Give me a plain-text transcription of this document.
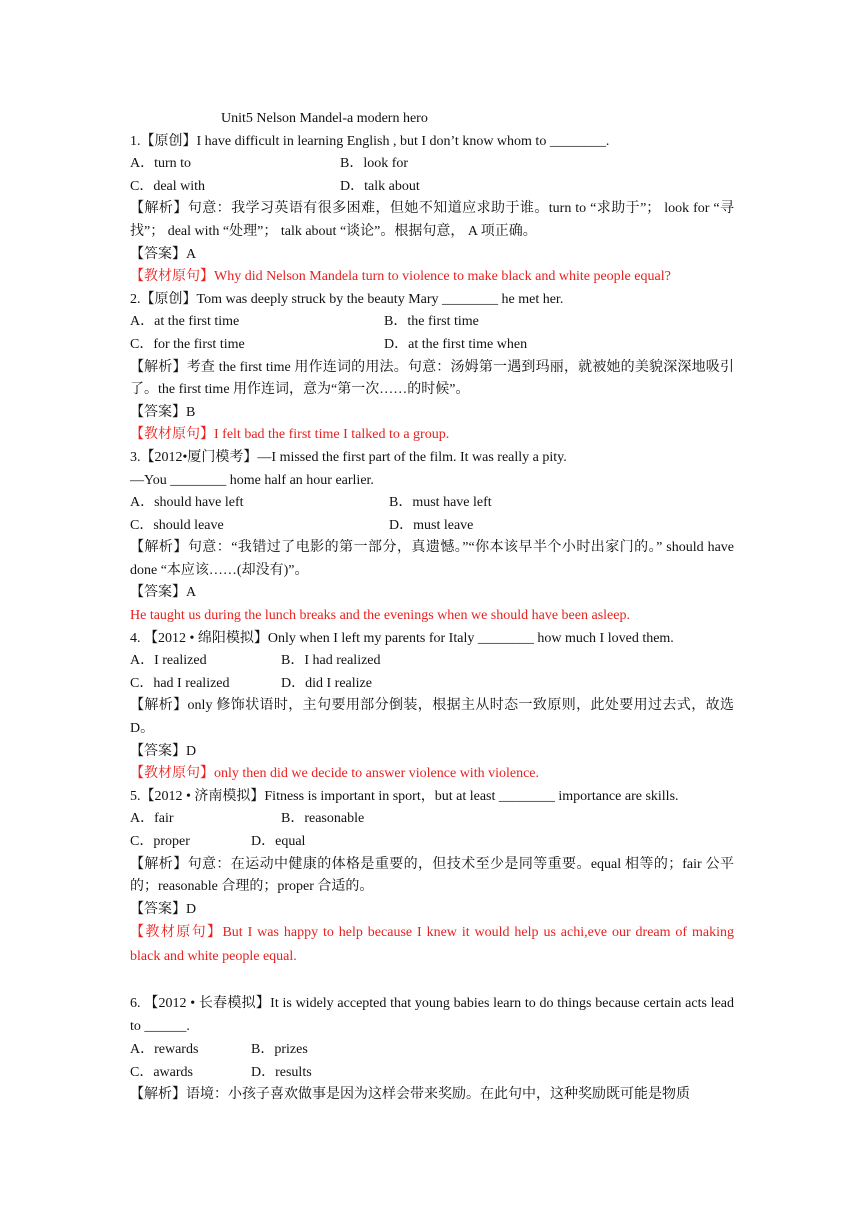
Unit5 Nelson Mandel-a modern hero
1.【原创】I have difficult in learning English , but I don’t know whom to ________.
A．turn to	B．look for
C．deal with	D．talk about
【解析】句意：我学习英语有很多困难，但她不知道应求助于谁。turn to “求助于”； look for “寻找”； deal with “处理”； talk about “谈论”。根据句意， A 项正确。
【答案】A
【教材原句】Why did Nelson Mandela turn to violence to make black and white people equal?
2.【原创】Tom was deeply struck by the beauty Mary ________ he met her.
A．at the first time	B．the first time
C．for the first time	D．at the first time when
【解析】考查 the first time 用作连词的用法。句意：汤姆第一遇到玛丽，就被她的美貌深深地吸引了。the first time 用作连词，意为“第一次……的时候”。
【答案】B
【教材原句】I felt bad the first time I talked to a group.
3.【2012•厦门模考】—I missed the first part of the film. It was really a pity.
—You ________ home half an hour earlier.
A．should have left	B．must have left
C．should leave	D．must leave
【解析】句意：“我错过了电影的第一部分，真遗憾。”“你本该早半个小时出家门的。” should have done “本应该……(却没有)”。
【答案】A
He taught us during the lunch breaks and the evenings when we should have been asleep.
4. 【2012 • 绵阳模拟】Only when I left my parents for Italy ________ how much I loved them.
A．I realized	B．I had realized
C．had I realized	D．did I realize
【解析】only 修饰状语时，主句要用部分倒装，根据主从时态一致原则，此处要用过去式，故选 D。
【答案】D
【教材原句】only then did we decide to answer violence with violence.
5.【2012 • 济南模拟】Fitness is important in sport，but at least ________ importance are skills.
A．fair	B．reasonable
C．proper	D．equal
【解析】句意：在运动中健康的体格是重要的，但技术至少是同等重要。equal 相等的；fair 公平的；reasonable 合理的；proper 合适的。
【答案】D
【教材原句】But I was happy to help because I knew it would help us achi,eve our dream of making black and white people equal.
6. 【2012 • 长春模拟】It is widely accepted that young babies learn to do things because certain acts lead to ______.
A．rewards	B．prizes
C．awards	D．results
【解析】语境：小孩子喜欢做事是因为这样会带来奖励。在此句中，这种奖励既可能是物质
